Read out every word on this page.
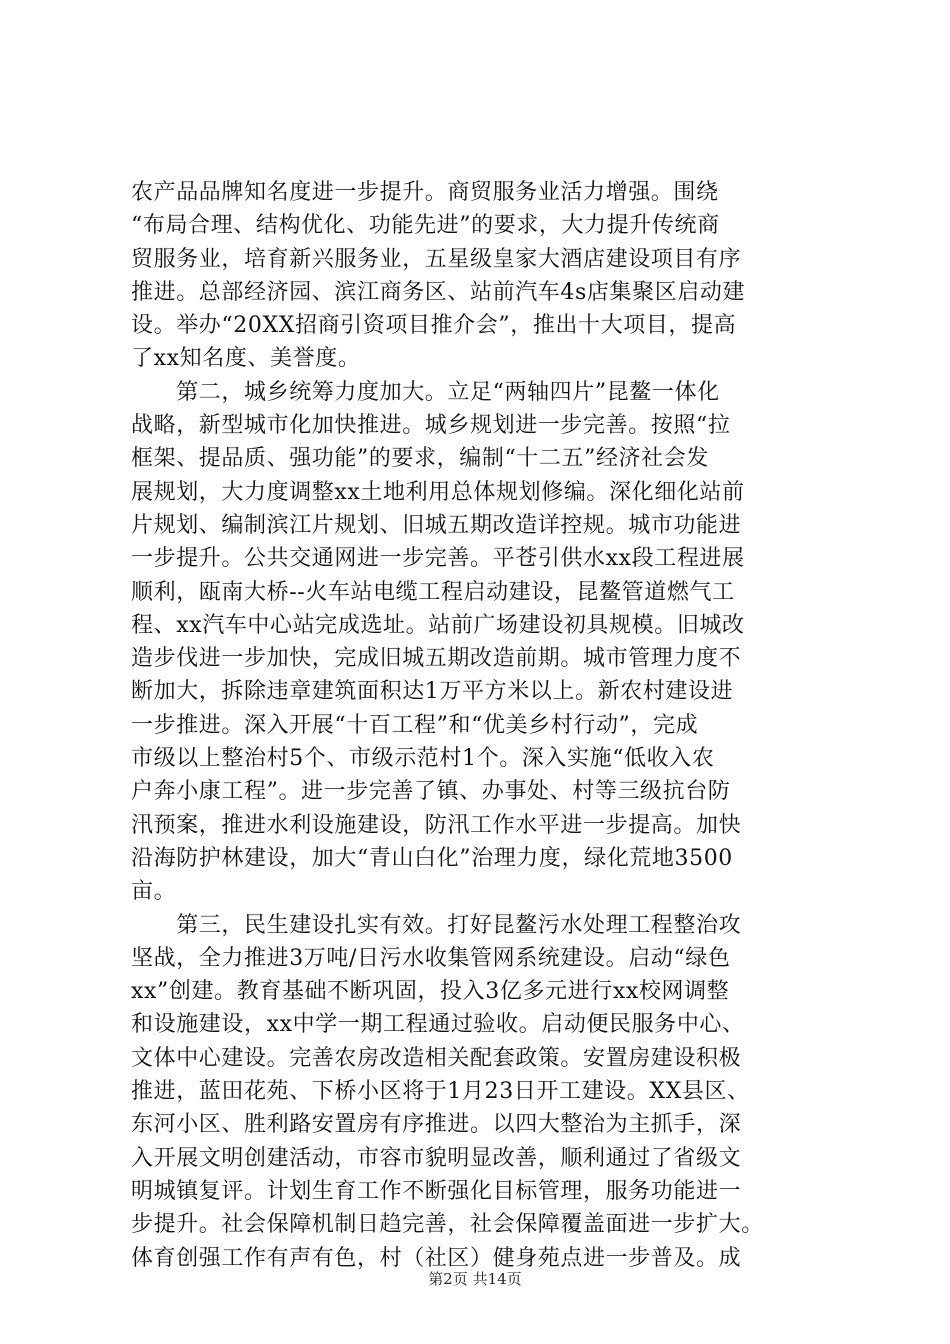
农产品品牌知名度进一步提升。商贸服务业活力增强。围绕
“布局合理、结构优化、功能先进”的要求，大力提升传统商
贸服务业，培育新兴服务业，五星级皇家大酒店建设项目有序
推进。总部经济园、滨江商务区、站前汽车4s店集聚区启动建
设。举办“20XX招商引资项目推介会”，推出十大项目，提高
了xx知名度、美誉度。
　　第二，城乡统筹力度加大。立足“两轴四片”昆鳌一体化
战略，新型城市化加快推进。城乡规划进一步完善。按照“拉
框架、提品质、强功能”的要求，编制“十二五”经济社会发
展规划，大力度调整xx土地利用总体规划修编。深化细化站前
片规划、编制滨江片规划、旧城五期改造详控规。城市功能进
一步提升。公共交通网进一步完善。平苍引供水xx段工程进展
顺利，瓯南大桥--火车站电缆工程启动建设，昆鳌管道燃气工
程、xx汽车中心站完成选址。站前广场建设初具规模。旧城改
造步伐进一步加快，完成旧城五期改造前期。城市管理力度不
断加大，拆除违章建筑面积达1万平方米以上。新农村建设进
一步推进。深入开展“十百工程”和“优美乡村行动”，完成
市级以上整治村5个、市级示范村1个。深入实施“低收入农
户奔小康工程”。进一步完善了镇、办事处、村等三级抗台防
汛预案，推进水利设施建设，防汛工作水平进一步提高。加快
沿海防护林建设，加大“青山白化”治理力度，绿化荒地3500
亩。
　　第三，民生建设扎实有效。打好昆鳌污水处理工程整治攻
坚战，全力推进3万吨/日污水收集管网系统建设。启动“绿色
xx”创建。教育基础不断巩固，投入3亿多元进行xx校网调整
和设施建设，xx中学一期工程通过验收。启动便民服务中心、
文体中心建设。完善农房改造相关配套政策。安置房建设积极
推进，蓝田花苑、下桥小区将于1月23日开工建设。XX县区、
东河小区、胜利路安置房有序推进。以四大整治为主抓手，深
入开展文明创建活动，市容市貌明显改善，顺利通过了省级文
明城镇复评。计划生育工作不断强化目标管理，服务功能进一
步提升。社会保障机制日趋完善，社会保障覆盖面进一步扩大。
体育创强工作有声有色，村（社区）健身苑点进一步普及。成
第2页 共14页
